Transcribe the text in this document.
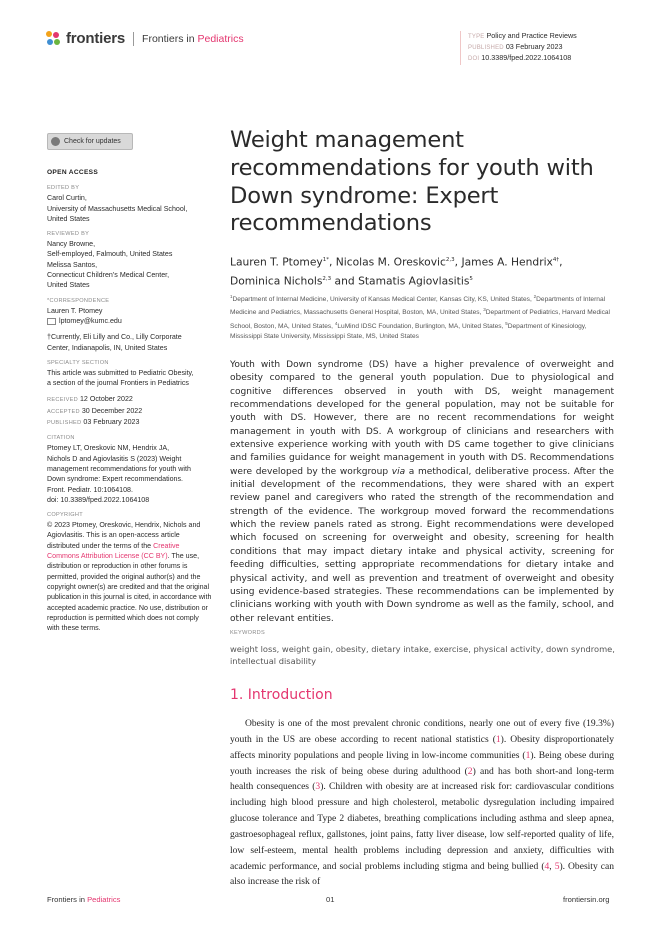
frontiers Frontiers in Pediatrics	TYPE Policy and Practice Reviews
PUBLISHED 03 February 2023
DOI 10.3389/fped.2022.1064108
Check for updates
OPEN ACCESS
EDITED BY

Carol Curtin,

University of Massachusetts Medical School,

United States

REVIEWED BY

Nancy Browne,

Self-employed, Falmouth, United States

Melissa Santos,

Connecticut Children’s Medical Center,

United States

*CORRESPONDENCE

Lauren T. Ptomey

lptomey@kumc.edu

†Currently, Eli Lilly and Co., Lilly Corporate

Center, Indianapolis, IN, United States

SPECIALTY SECTION

This article was submitted to Pediatric Obesity,

a section of the journal Frontiers in Pediatrics

RECEIVED 12 October 2022

ACCEPTED 30 December 2022

PUBLISHED 03 February 2023

CITATION

Ptomey LT, Oreskovic NM, Hendrix JA,

Nichols D and Agiovlasitis S (2023) Weight

management recommendations for youth with

Down syndrome: Expert recommendations.

Front. Pediatr. 10:1064108.

doi: 10.3389/fped.2022.1064108

COPYRIGHT

© 2023 Ptomey, Oreskovic, Hendrix, Nichols and Agiovlasitis. This is an open-access article distributed under the terms of the Creative Commons Attribution License (CC BY). The use, distribution or reproduction in other forums is permitted, provided the original author(s) and the copyright owner(s) are credited and that the original publication in this journal is cited, in accordance with accepted academic practice. No use, distribution or reproduction is permitted which does not comply with these terms.

Weight management recommendations for youth with Down syndrome: Expert recommendations
Lauren T. Ptomey$^{1*}$, Nicolas M. Oreskovic$^{2,3}$, James A. Hendrix$^{4\dagger}$, Dominica Nichols$^{2,3}$ and Stamatis Agiovlasitis$^5$
$^1$Department of Internal Medicine, University of Kansas Medical Center, Kansas City, KS, United States, $^2$Departments of Internal Medicine and Pediatrics, Massachusetts General Hospital, Boston, MA, United States, $^3$Department of Pediatrics, Harvard Medical School, Boston, MA, United States, $^4$LuMind IDSC Foundation, Burlington, MA, United States, $^5$Department of Kinesiology, Mississippi State University, Mississippi State, MS, United States

Youth with Down syndrome (DS) have a higher prevalence of overweight and obesity compared to the general youth population. Due to physiological and cognitive differences observed in youth with DS, weight management recommendations developed for the general population, may not be suitable for youth with DS. However, there are no recent recommendations for weight management in youth with DS. A workgroup of clinicians and researchers with extensive experience working with youth with DS came together to give clinicians and families guidance for weight management in youth with DS. Recommendations were developed by the workgroup via a methodical, deliberative process. After the initial development of the recommendations, they were shared with an expert review panel and caregivers who rated the strength of the recommendation and strength of the evidence. The workgroup moved forward the recommendations which the review panels rated as strong. Eight recommendations were developed which focused on screening for overweight and obesity, screening for health conditions that may impact dietary intake and physical activity, screening for feeding difficulties, setting appropriate recommendations for dietary intake and physical activity, and well as prevention and treatment of overweight and obesity using evidence-based strategies. These recommendations can be implemented by clinicians working with youth with Down syndrome as well as the family, school, and other relevant entities.

KEYWORDS
weight loss, weight gain, obesity, dietary intake, exercise, physical activity, down syndrome, intellectual disability
1. Introduction

Obesity is one of the most prevalent chronic conditions, nearly one out of every five (19.3%) youth in the US are obese according to recent national statistics (1). Obesity disproportionately affects minority populations and people living in low-income communities (1). Being obese during youth increases the risk of being obese during adulthood (2) and has both short-and long-term health consequences (3). Children with obesity are at increased risk for: cardiovascular conditions including high blood pressure and high cholesterol, metabolic dysregulation including impaired glucose tolerance and Type 2 diabetes, breathing complications including asthma and sleep apnea, gastroesophageal reflux, gallstones, joint pains, fatty liver disease, low self-reported quality of life, low self-esteem, mental health problems including depression and anxiety, difficulties with academic performance, and social problems including stigma and being bullied (4, 5). Obesity can also increase the risk of

Frontiers in Pediatrics	01	frontiersin.org
